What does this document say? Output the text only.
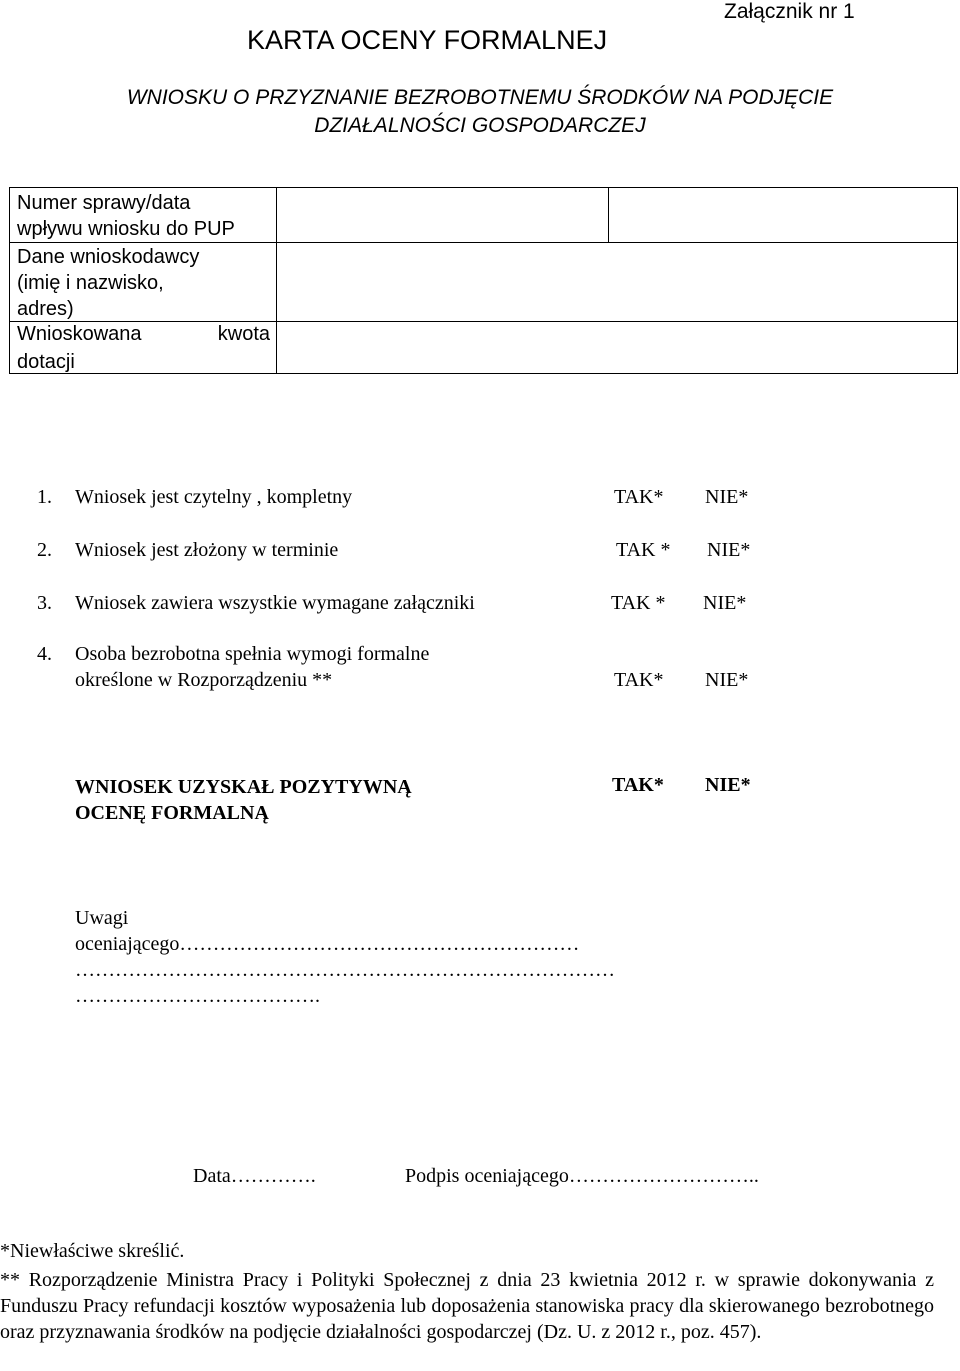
Załącznik nr 1
KARTA OCENY FORMALNEJ
WNIOSKU O PRZYZNANIE BEZROBOTNEMU ŚRODKÓW NA PODJĘCIE
DZIAŁALNOŚCI GOSPODARCZEJ
Numer sprawy/data
wpływu wniosku do PUP
Dane wnioskodawcy
(imię i nazwisko,
adres)
Wnioskowana	kwota
dotacji
1. Wniosek jest czytelny , kompletny	TAK* NIE*
2. Wniosek jest złożony w terminie	TAK * NIE*
3. Wniosek zawiera wszystkie wymagane załączniki	TAK * NIE*
4. Osoba bezrobotna spełnia wymogi formalne
określone w Rozporządzeniu **	TAK* NIE*
WNIOSEK UZYSKAŁ POZYTYWNĄ
OCENĘ FORMALNĄ
TAK* NIE*
Uwagi
oceniającego……………………………………………………
………………………………………………………………………
……………………………….
Data………….	Podpis oceniającego………………………..
*Niewłaściwe skreślić.
** Rozporządzenie Ministra Pracy i Polityki Społecznej z dnia 23 kwietnia 2012 r. w sprawie dokonywania z Funduszu Pracy refundacji kosztów wyposażenia lub doposażenia stanowiska pracy dla skierowanego bezrobotnego oraz przyznawania środków na podjęcie działalności gospodarczej (Dz. U. z 2012 r., poz. 457).
